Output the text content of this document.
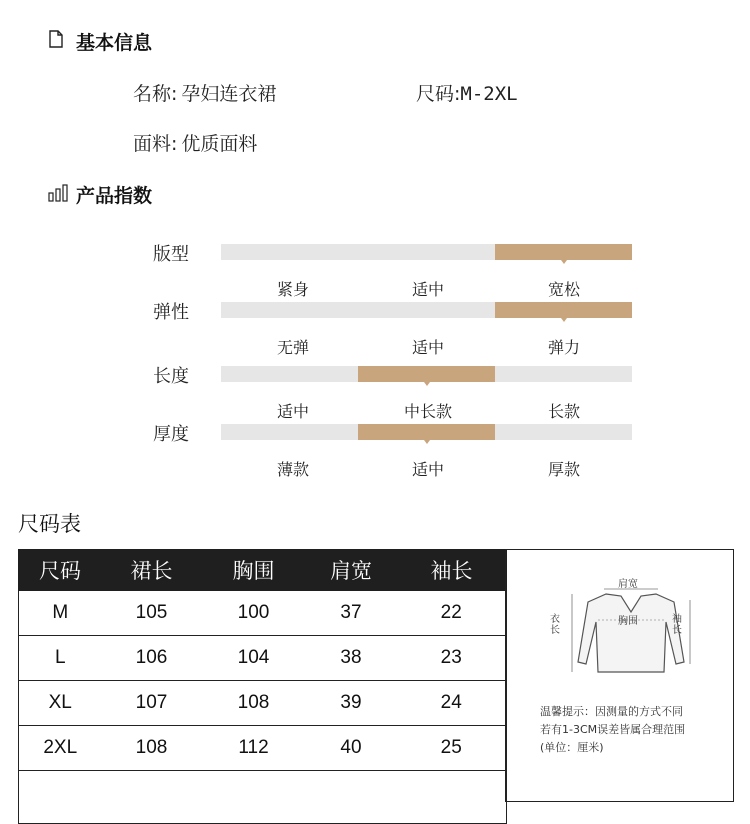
基本信息
名称: 孕妇连衣裙	尺码:M-2XL
面料: 优质面料
产品指数
版型
紧身	适中	宽松
弹性
无弹	适中	弹力
长度
适中	中长款	长款
厚度
薄款	适中	厚款
尺码表
尺码	裙长	胸围	肩宽	袖长
M	105	100	37	22
L	106	104	38	23
XL	107	108	39	24
2XL	108	112	40	25

肩宽
胸围
衣长
袖长
温馨提示：因测量的方式不同
若有1-3CM误差皆属合理范围
(单位：厘米)
